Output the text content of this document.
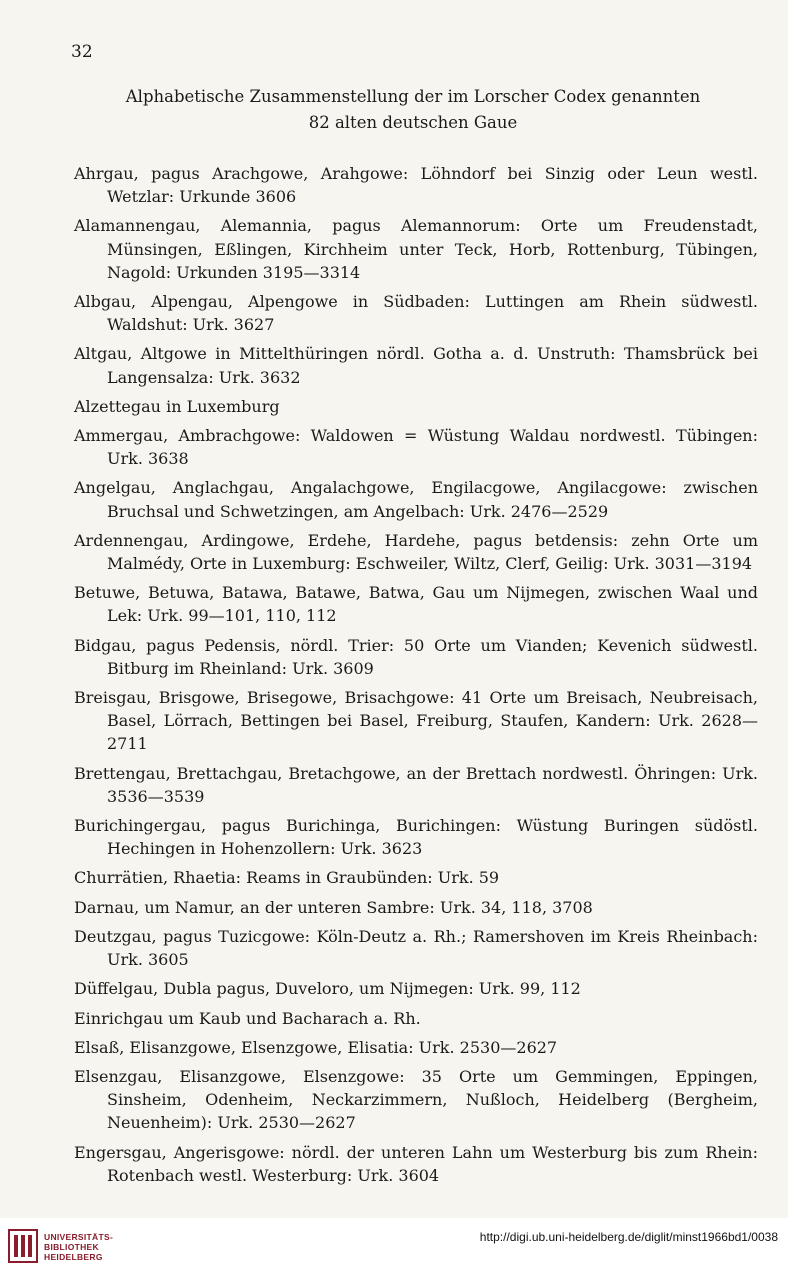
32
Alphabetische Zusammenstellung der im Lorscher Codex genannten
82 alten deutschen Gaue

Ahrgau, pagus Arachgowe, Arahgowe: Löhndorf bei Sinzig oder Leun westl. Wetzlar: Urkunde 3606

Alamannengau, Alemannia, pagus Alemannorum: Orte um Freudenstadt, Münsingen, Eßlingen, Kirchheim unter Teck, Horb, Rottenburg, Tübingen, Nagold: Urkunden 3195—3314

Albgau, Alpengau, Alpengowe in Südbaden: Luttingen am Rhein südwestl. Waldshut: Urk. 3627

Altgau, Altgowe in Mittelthüringen nördl. Gotha a. d. Unstruth: Thamsbrück bei Langensalza: Urk. 3632

Alzettegau in Luxemburg

Ammergau, Ambrachgowe: Waldowen = Wüstung Waldau nordwestl. Tübingen: Urk. 3638

Angelgau, Anglachgau, Angalachgowe, Engilacgowe, Angilacgowe: zwischen Bruchsal und Schwetzingen, am Angelbach: Urk. 2476—2529

Ardennengau, Ardingowe, Erdehe, Hardehe, pagus betdensis: zehn Orte um Malmédy, Orte in Luxemburg: Eschweiler, Wiltz, Clerf, Geilig: Urk. 3031—3194

Betuwe, Betuwa, Batawa, Batawe, Batwa, Gau um Nijmegen, zwischen Waal und Lek: Urk. 99—101, 110, 112

Bidgau, pagus Pedensis, nördl. Trier: 50 Orte um Vianden; Kevenich südwestl. Bitburg im Rheinland: Urk. 3609

Breisgau, Brisgowe, Brisegowe, Brisachgowe: 41 Orte um Breisach, Neubreisach, Basel, Lörrach, Bettingen bei Basel, Freiburg, Staufen, Kandern: Urk. 2628—2711

Brettengau, Brettachgau, Bretachgowe, an der Brettach nordwestl. Öhringen: Urk. 3536—3539

Burichingergau, pagus Burichinga, Burichingen: Wüstung Buringen südöstl. Hechingen in Hohenzollern: Urk. 3623

Churrätien, Rhaetia: Reams in Graubünden: Urk. 59

Darnau, um Namur, an der unteren Sambre: Urk. 34, 118, 3708

Deutzgau, pagus Tuzicgowe: Köln-Deutz a. Rh.; Ramershoven im Kreis Rheinbach: Urk. 3605

Düffelgau, Dubla pagus, Duveloro, um Nijmegen: Urk. 99, 112

Einrichgau um Kaub und Bacharach a. Rh.

Elsaß, Elisanzgowe, Elsenzgowe, Elisatia: Urk. 2530—2627

Elsenzgau, Elisanzgowe, Elsenzgowe: 35 Orte um Gemmingen, Eppingen, Sinsheim, Odenheim, Neckarzimmern, Nußloch, Heidelberg (Bergheim, Neuenheim): Urk. 2530—2627

Engersgau, Angerisgowe: nördl. der unteren Lahn um Westerburg bis zum Rhein: Rotenbach westl. Westerburg: Urk. 3604

UNIVERSITÄTS-
BIBLIOTHEK
HEIDELBERG
http://digi.ub.uni-heidelberg.de/diglit/minst1966bd1/0038
